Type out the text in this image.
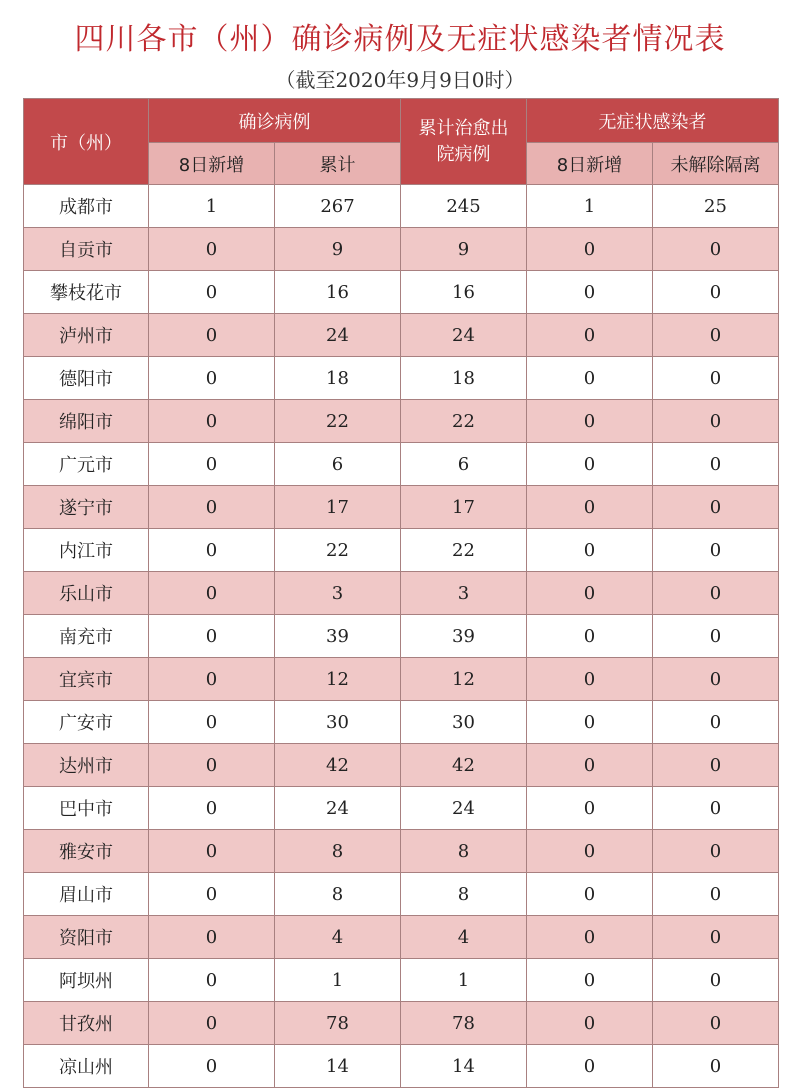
四川各市（州）确诊病例及无症状感染者情况表
（截至2020年9月9日0时）
市（州）	确诊病例		累计治愈出院病例	无症状感染者	
	8日新增	累计		8日新增	未解除隔离
成都市	1	267	245	1	25
自贡市	0	9	9	0	0
攀枝花市	0	16	16	0	0
泸州市	0	24	24	0	0
德阳市	0	18	18	0	0
绵阳市	0	22	22	0	0
广元市	0	6	6	0	0
遂宁市	0	17	17	0	0
内江市	0	22	22	0	0
乐山市	0	3	3	0	0
南充市	0	39	39	0	0
宜宾市	0	12	12	0	0
广安市	0	30	30	0	0
达州市	0	42	42	0	0
巴中市	0	24	24	0	0
雅安市	0	8	8	0	0
眉山市	0	8	8	0	0
资阳市	0	4	4	0	0
阿坝州	0	1	1	0	0
甘孜州	0	78	78	0	0
凉山州	0	14	14	0	0
